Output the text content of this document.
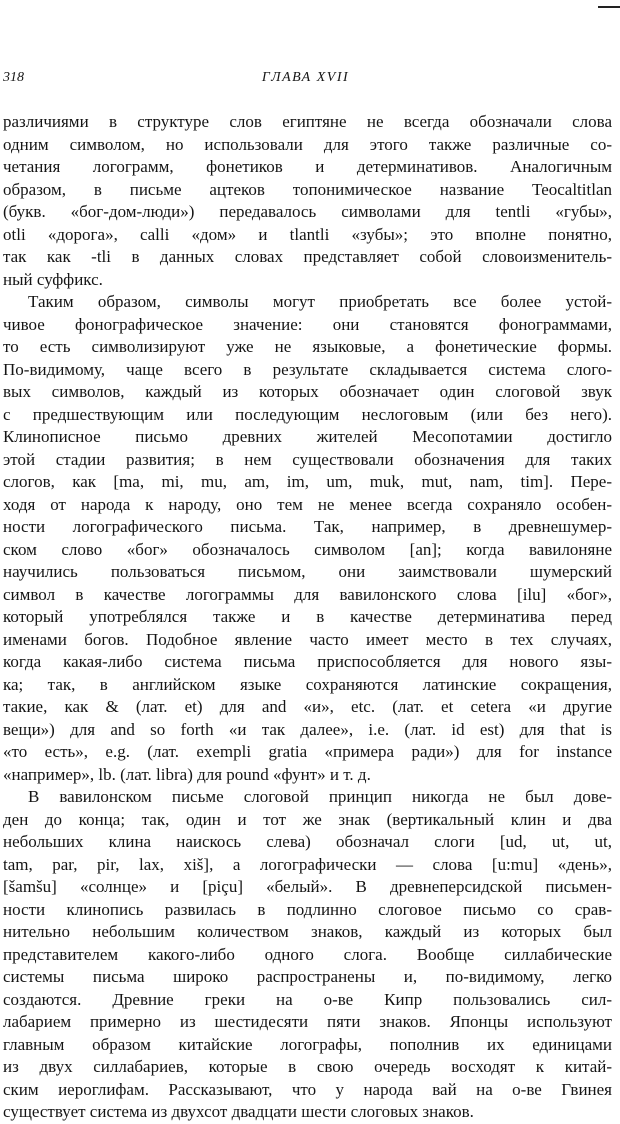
318	ГЛАВА XVII
различиями в структуре слов египтяне не всегда обозначали слова
одним символом, но использовали для этого также различные со-
четания логограмм, фонетиков и детерминативов. Аналогичным
образом, в письме ацтеков топонимическое название Teocaltitlan
(букв. «бог-дом-люди») передавалось символами для tentli «губы»,
otli «дорога», calli «дом» и tlantli «зубы»; это вполне понятно,
так как -tli в данных словах представляет собой словоизменитель-
ный суффикс.
Таким образом, символы могут приобретать все более устой-
чивое фонографическое значение: они становятся фонограммами,
то есть символизируют уже не языковые, а фонетические формы.
По-видимому, чаще всего в результате складывается система слого-
вых символов, каждый из которых обозначает один слоговой звук
с предшествующим или последующим неслоговым (или без него).
Клинописное письмо древних жителей Месопотамии достигло
этой стадии развития; в нем существовали обозначения для таких
слогов, как [ma, mi, mu, am, im, um, muk, mut, nam, tim]. Пере-
ходя от народа к народу, оно тем не менее всегда сохраняло особен-
ности логографического письма. Так, например, в древнешумер-
ском слово «бог» обозначалось символом [an]; когда вавилоняне
научились пользоваться письмом, они заимствовали шумерский
символ в качестве логограммы для вавилонского слова [ilu] «бог»,
который употреблялся также и в качестве детерминатива перед
именами богов. Подобное явление часто имеет место в тех случаях,
когда какая-либо система письма приспособляется для нового язы-
ка; так, в английском языке сохраняются латинские сокращения,
такие, как & (лат. et) для and «и», etc. (лат. et cetera «и другие
вещи») для and so forth «и так далее», i.e. (лат. id est) для that is
«то есть», e.g. (лат. exempli gratia «примера ради») для for instance
«например», lb. (лат. libra) для pound «фунт» и т. д.
В вавилонском письме слоговой принцип никогда не был дове-
ден до конца; так, один и тот же знак (вертикальный клин и два
небольших клина наискось слева) обозначал слоги [ud, ut, ut,
tam, par, pir, lax, xiš], а логографически — слова [u:mu] «день»,
[šamšu] «солнце» и [piçu] «белый». В древнеперсидской письмен-
ности клинопись развилась в подлинно слоговое письмо со срав-
нительно небольшим количеством знаков, каждый из которых был
представителем какого-либо одного слога. Вообще силлабические
системы письма широко распространены и, по-видимому, легко
создаются. Древние греки на о-ве Кипр пользовались сил-
лабарием примерно из шестидесяти пяти знаков. Японцы используют
главным образом китайские логографы, пополнив их единицами
из двух силлабариев, которые в свою очередь восходят к китай-
ским иероглифам. Рассказывают, что у народа вай на о-ве Гвинея
существует система из двухсот двадцати шести слоговых знаков.
